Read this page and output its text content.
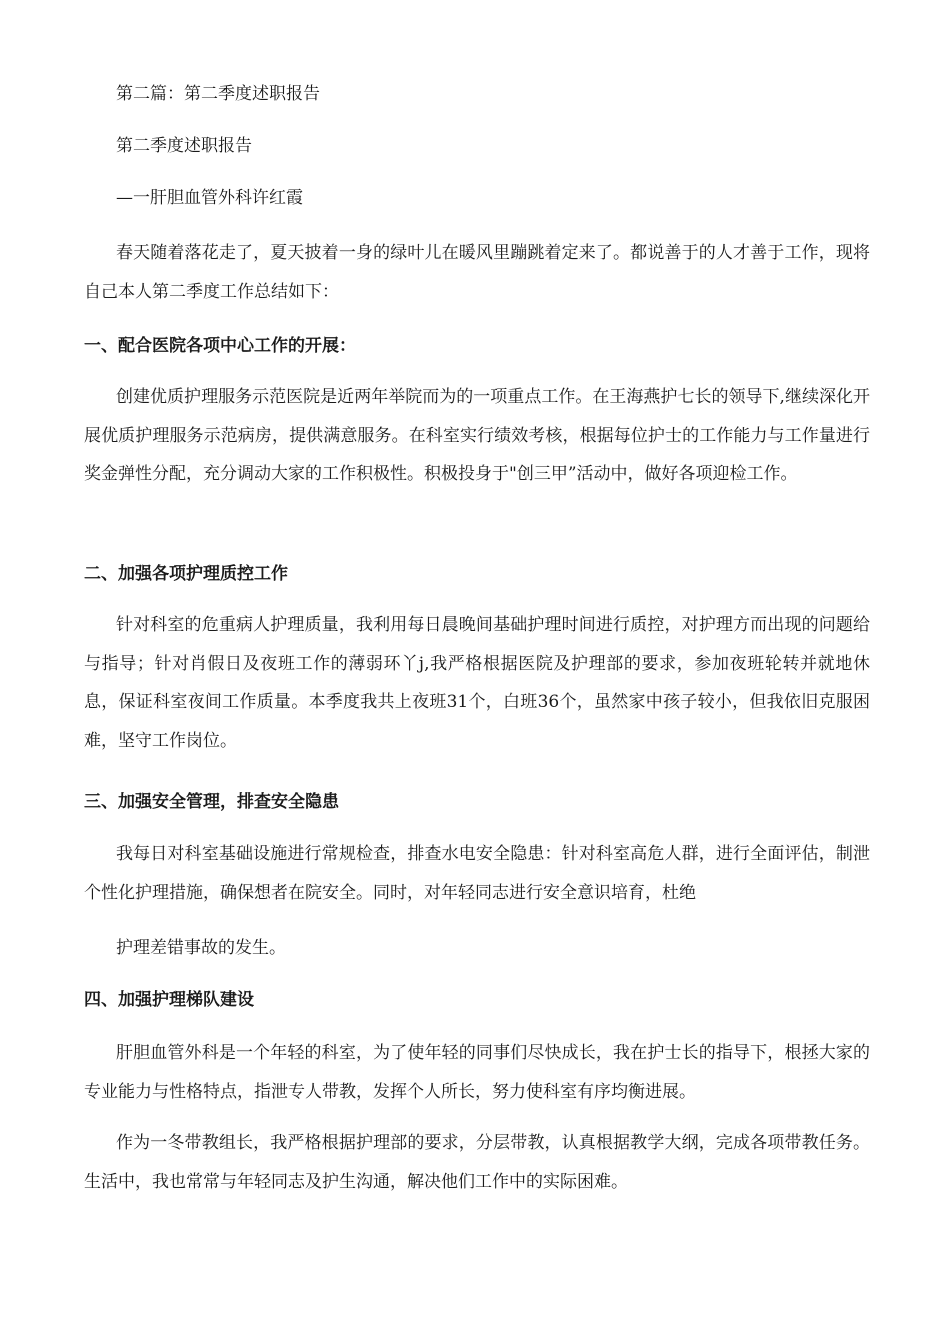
第二篇：第二季度述职报告
第二季度述职报告
—一肝胆血管外科许红霞
春天随着落花走了，夏天披着一身的绿叶儿在暖风里蹦跳着定来了。都说善于的人才善于工作，现将自己本人第二季度工作总结如下：
一、配合医院各项中心工作的开展：
创建优质护理服务示范医院是近两年举院而为的一项重点工作。在王海燕护七长的领导下,继续深化开展优质护理服务示范病房，提供满意服务。在科室实行绩效考核，根据每位护士的工作能力与工作量进行奖金弹性分配，充分调动大家的工作积极性。积极投身于"创三甲”活动中，做好各项迎检工作。
二、加强各项护理质控工作
针对科室的危重病人护理质量，我利用每日晨晚间基础护理时间进行质控，对护理方而出现的问题给与指导；针对肖假日及夜班工作的薄弱环丫j,我严格根据医院及护理部的要求，参加夜班轮转并就地休息，保证科室夜间工作质量。本季度我共上夜班31个，白班36个，虽然家中孩子较小，但我依旧克服困难，坚守工作岗位。
三、加强安全管理，排查安全隐患
我每日对科室基础设施进行常规检查，排查水电安全隐患：针对科室高危人群，进行全面评估，制泄个性化护理措施，确保想者在院安全。同时，对年轻同志进行安全意识培育，杜绝
护理差错事故的发生。
四、加强护理梯队建设
肝胆血管外科是一个年轻的科室，为了使年轻的同事们尽快成长，我在护士长的指导下，根拯大家的专业能力与性格特点，指泄专人带教，发挥个人所长，努力使科室有序均衡进展。
作为一冬带教组长，我严格根据护理部的要求，分层带教，认真根据教学大纲，完成各项带教任务。生活中，我也常常与年轻同志及护生沟通，解决他们工作中的实际困难。
